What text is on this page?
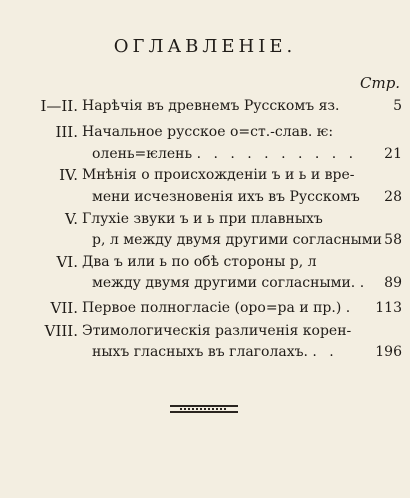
ОГЛАВЛЕНІЕ.
Стр.
I—II. Нарѣчія въ древнемъ Русскомъ яз.	5
III. Начальное русское о=ст.-слав. ѥ:
олень=ѥлень . . . . . . . . . .	21
IV. Мнѣнія о происхожденіи ъ и ь и вре-
мени исчезновенія ихъ въ Русскомъ	28
V. Глухіе звуки ъ и ь при плавныхъ
р, л между двумя другими согласными 58
VI. Два ъ или ь по обѣ стороны р, л
между двумя другими согласными. .	89
VII. Первое полногласіе (оро=ра и пр.) .	113
VIII. Этимологическія различенія корен-
ныхъ гласныхъ въ глаголахъ. . .	196
